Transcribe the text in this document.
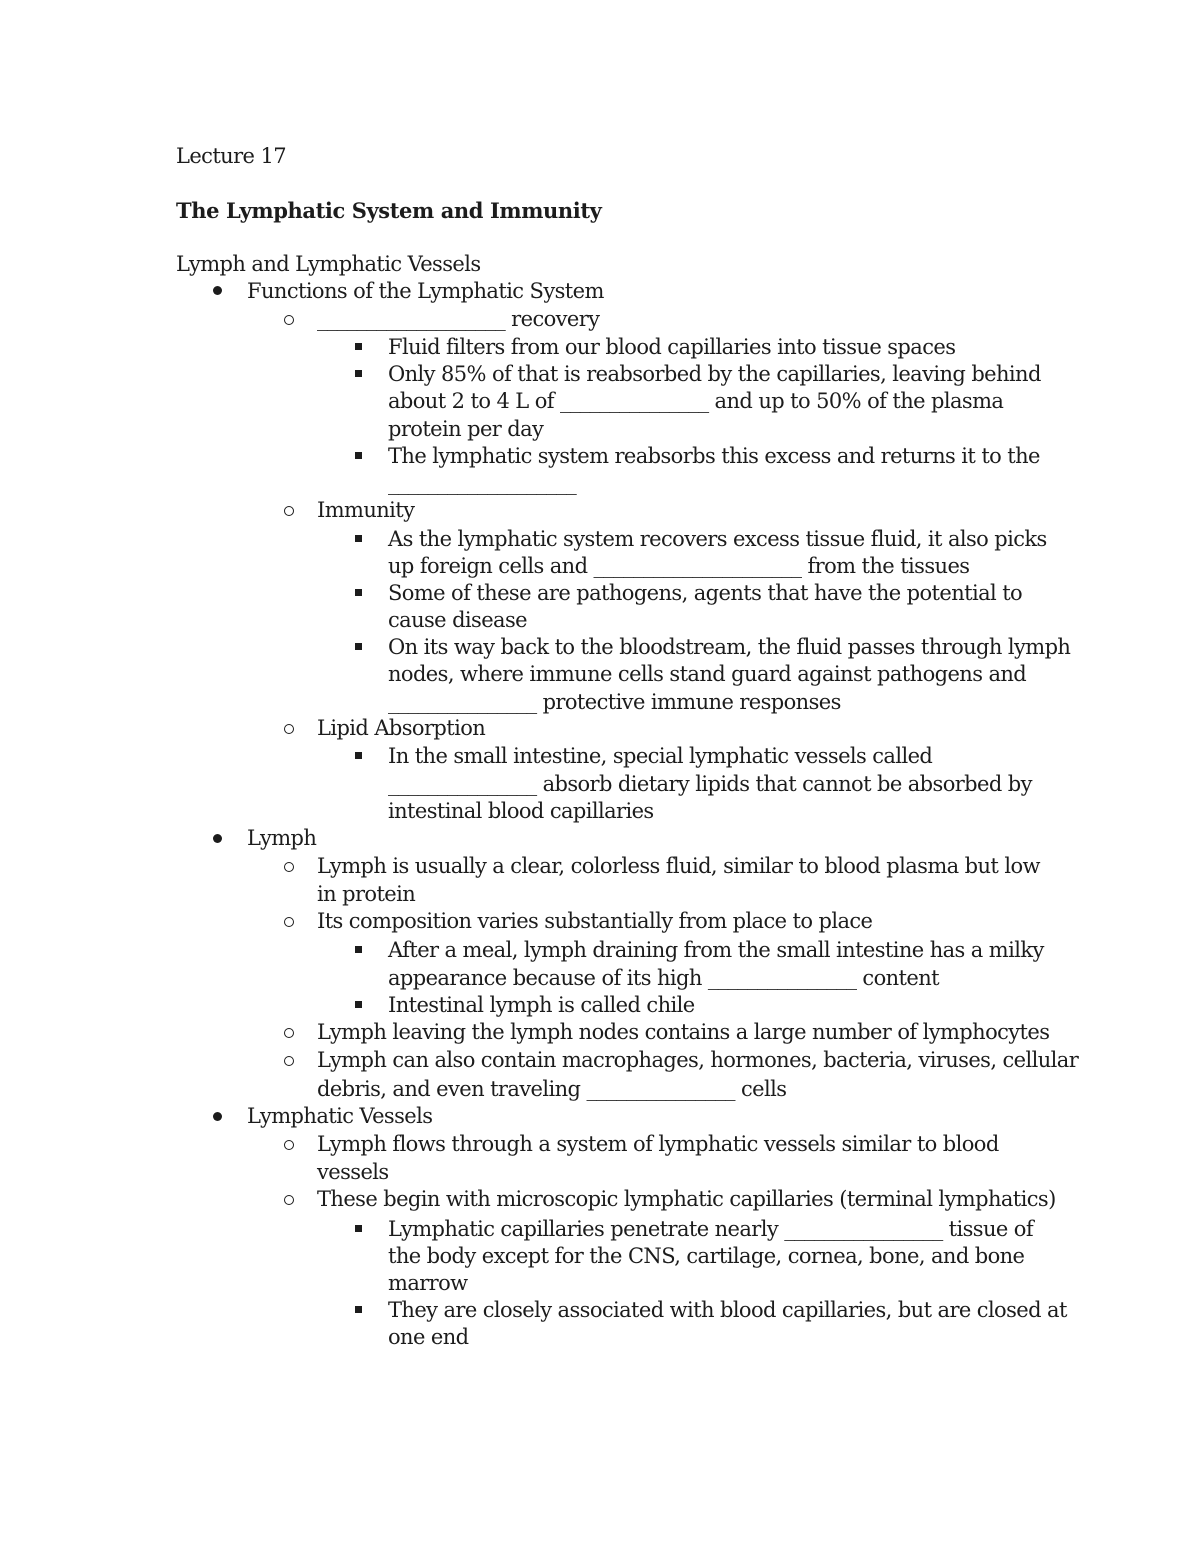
Lecture 17
The Lymphatic System and Immunity
Lymph and Lymphatic Vessels
Functions of the Lymphatic System
___________________ recovery
Fluid filters from our blood capillaries into tissue spaces
Only 85% of that is reabsorbed by the capillaries, leaving behind
about 2 to 4 L of _______________ and up to 50% of the plasma
protein per day
The lymphatic system reabsorbs this excess and returns it to the
___________________
Immunity
As the lymphatic system recovers excess tissue fluid, it also picks
up foreign cells and _____________________ from the tissues
Some of these are pathogens, agents that have the potential to
cause disease
On its way back to the bloodstream, the fluid passes through lymph
nodes, where immune cells stand guard against pathogens and
_______________ protective immune responses
Lipid Absorption
In the small intestine, special lymphatic vessels called
_______________ absorb dietary lipids that cannot be absorbed by
intestinal blood capillaries
Lymph
Lymph is usually a clear, colorless fluid, similar to blood plasma but low
in protein
Its composition varies substantially from place to place
After a meal, lymph draining from the small intestine has a milky
appearance because of its high _______________ content
Intestinal lymph is called chile
Lymph leaving the lymph nodes contains a large number of lymphocytes
Lymph can also contain macrophages, hormones, bacteria, viruses, cellular
debris, and even traveling _______________ cells
Lymphatic Vessels
Lymph flows through a system of lymphatic vessels similar to blood
vessels
These begin with microscopic lymphatic capillaries (terminal lymphatics)
Lymphatic capillaries penetrate nearly ________________ tissue of
the body except for the CNS, cartilage, cornea, bone, and bone
marrow
They are closely associated with blood capillaries, but are closed at
one end
